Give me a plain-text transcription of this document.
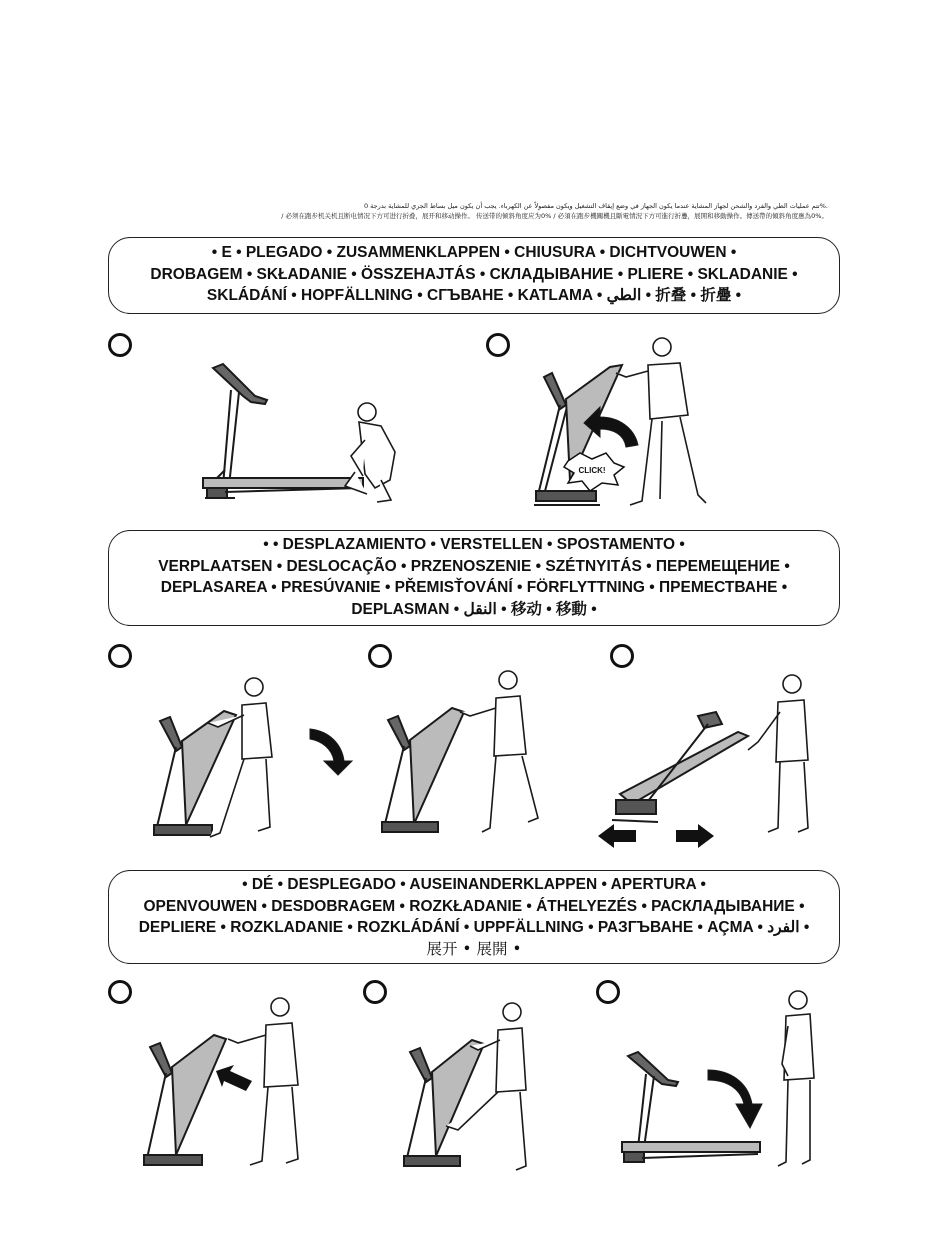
تتم عمليات الطي والفرد والشحن لجهاز المشاية عندما يكون الجهاز في وضع إيقاف التشغيل ويكون مفصولاً عن الكهرباء. يجب أن يكون ميل بساط الجري للمشاية بدرجة 0%.
/ 必须在跑步机关机且断电情况下方可进行折叠，展开和移动操作。 传送带的倾斜角度应为0% / 必須在跑步機關機且斷電情況下方可進行折疊，展開和移動操作。傳送帶的傾斜角度應為0%。
• E • PLEGADO • ZUSAMMENKLAPPEN • CHIUSURA • DICHTVOUWEN •
DROBAGEM • SKŁADANIE • ÖSSZEHAJTÁS • СКЛАДЫВАНИЕ • PLIERE • SKLADANIE •
SKLÁDÁNÍ • HOPFÄLLNING • СГЪВАНЕ • KATLAMA • الطي • 折叠 • 折疊 •
CLICK!
• • DESPLAZAMIENTO • VERSTELLEN • SPOSTAMENTO •
VERPLAATSEN • DESLOCAÇÃO • PRZENOSZENIE • SZÉTNYITÁS • ПЕРЕМЕЩЕНИЕ •
DEPLASAREA • PRESÚVANIE • PŘEMISŤOVÁNÍ • FÖRFLYTTNING • ПРЕМЕСТВАНЕ •
DEPLASMAN • النقل • 移动 • 移動 •
• DÉ • DESPLEGADO • AUSEINANDERKLAPPEN • APERTURA •
OPENVOUWEN • DESDOBRAGEM • ROZKŁADANIE • ÁTHELYEZÉS • РАСКЛАДЫВАНИЕ •
DEPLIERE • ROZKLADANIE • ROZKLÁDÁNÍ • UPPFÄLLNING • РАЗГЪВАНЕ • AÇMA • الفرد •
展开 • 展開 •
